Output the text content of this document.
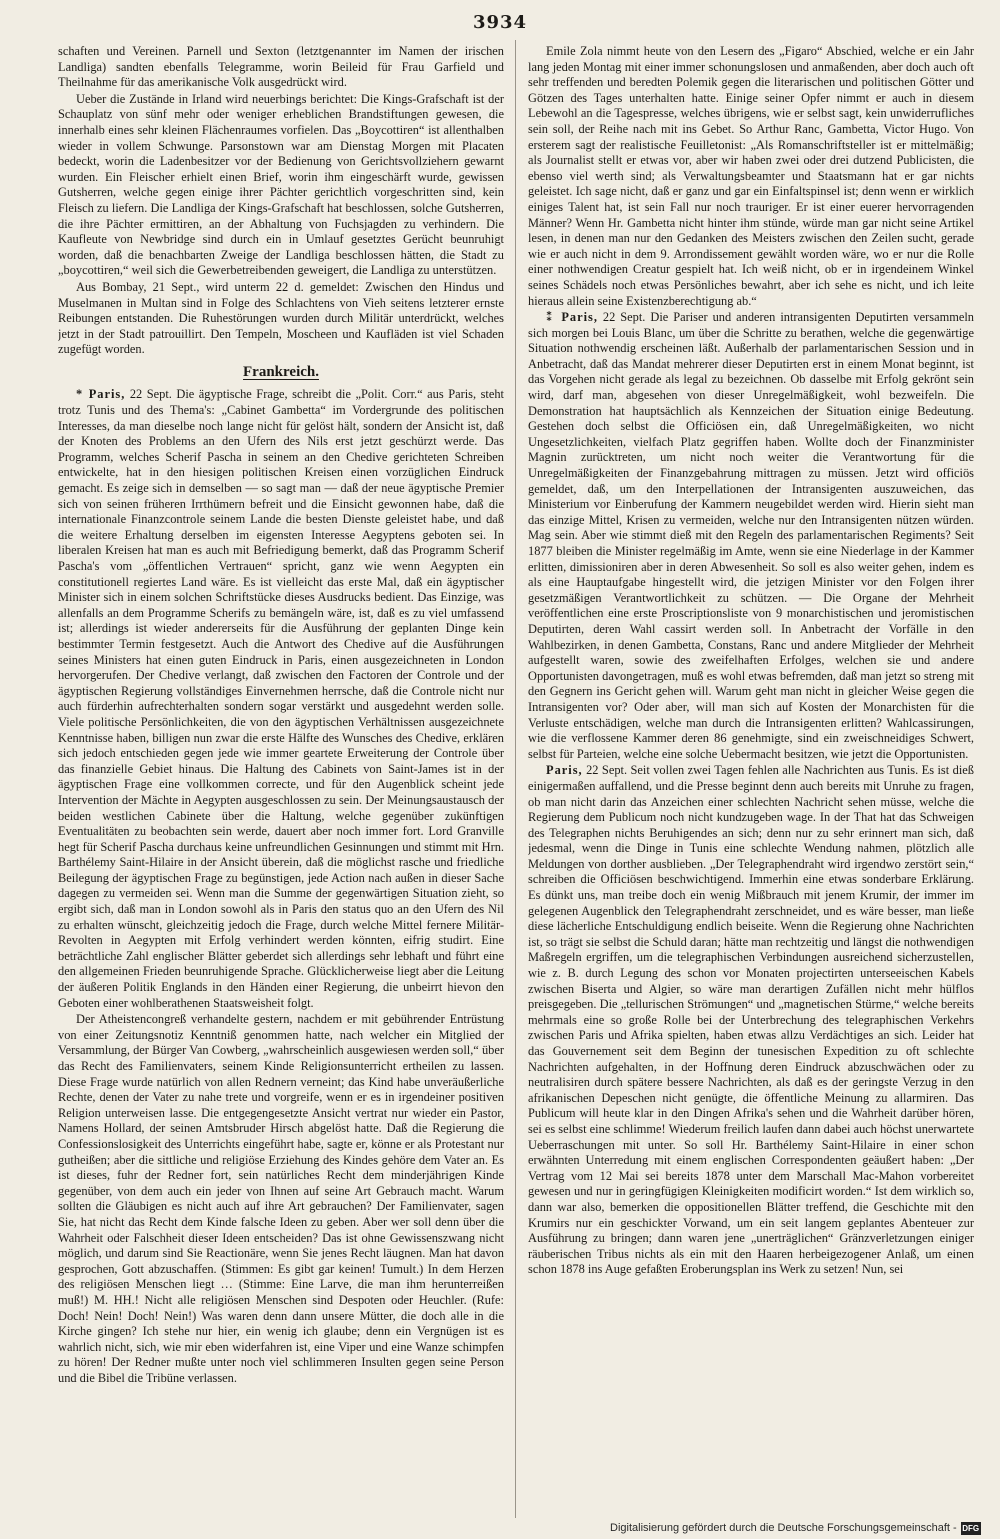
3934

schaften und Vereinen. Parnell und Sexton (letztgenannter im Namen der irischen Landliga) sandten ebenfalls Telegramme, worin Beileid für Frau Garfield und Theilnahme für das amerikanische Volk ausgedrückt wird.

Ueber die Zustände in Irland wird neuerbings berichtet: Die Kings-Grafschaft ist der Schauplatz von sünf mehr oder weniger erheblichen Brandstiftungen gewesen, die innerhalb eines sehr kleinen Flächenraumes vorfielen. Das „Boycottiren“ ist allenthalben wieder in vollem Schwunge. Parsonstown war am Dienstag Morgen mit Placaten bedeckt, worin die Ladenbesitzer vor der Bedienung von Gerichtsvollziehern gewarnt wurden. Ein Fleischer erhielt einen Brief, worin ihm eingeschärft wurde, gewissen Gutsherren, welche gegen einige ihrer Pächter gerichtlich vorgeschritten sind, kein Fleisch zu liefern. Die Landliga der Kings-Grafschaft hat beschlossen, solche Gutsherren, die ihre Pächter ermittiren, an der Abhaltung von Fuchsjagden zu verhindern. Die Kaufleute von Newbridge sind durch ein in Umlauf gesetztes Gerücht beunruhigt worden, daß die benachbarten Zweige der Landliga beschlossen hätten, die Stadt zu „boycottiren,“ weil sich die Gewerbetreibenden geweigert, die Landliga zu unterstützen.

Aus Bombay, 21 Sept., wird unterm 22 d. gemeldet: Zwischen den Hindus und Muselmanen in Multan sind in Folge des Schlachtens von Vieh seitens letzterer ernste Reibungen entstanden. Die Ruhestörungen wurden durch Militär unterdrückt, welches jetzt in der Stadt patrouillirt. Den Tempeln, Moscheen und Kaufläden ist viel Schaden zugefügt worden.

Frankreich.

* Paris, 22 Sept. Die ägyptische Frage, schreibt die „Polit. Corr.“ aus Paris, steht trotz Tunis und des Thema's: „Cabinet Gambetta“ im Vordergrunde des politischen Interesses, da man dieselbe noch lange nicht für gelöst hält, sondern der Ansicht ist, daß der Knoten des Problems an den Ufern des Nils erst jetzt geschürzt werde. Das Programm, welches Scherif Pascha in seinem an den Chedive gerichteten Schreiben entwickelte, hat in den hiesigen politischen Kreisen einen vorzüglichen Eindruck gemacht. Es zeige sich in demselben — so sagt man — daß der neue ägyptische Premier sich von seinen früheren Irrthümern befreit und die Einsicht gewonnen habe, daß die internationale Finanzcontrole seinem Lande die besten Dienste geleistet habe, und daß die weitere Erhaltung derselben im eigensten Interesse Aegyptens geboten sei. In liberalen Kreisen hat man es auch mit Befriedigung bemerkt, daß das Programm Scherif Pascha's vom „öffentlichen Vertrauen“ spricht, ganz wie wenn Aegypten ein constitutionell regiertes Land wäre. Es ist vielleicht das erste Mal, daß ein ägyptischer Minister sich in einem solchen Schriftstücke dieses Ausdrucks bedient. Das Einzige, was allenfalls an dem Programme Scherifs zu bemängeln wäre, ist, daß es zu viel umfassend ist; allerdings ist wieder andererseits für die Ausführung der geplanten Dinge kein bestimmter Termin festgesetzt. Auch die Antwort des Chedive auf die Ausführungen seines Ministers hat einen guten Eindruck in Paris, einen ausgezeichneten in London hervorgerufen. Der Chedive verlangt, daß zwischen den Factoren der Controle und der ägyptischen Regierung vollständiges Einvernehmen herrsche, daß die Controle nicht nur auch fürderhin aufrechterhalten sondern sogar verstärkt und ausgedehnt werden solle. Viele politische Persönlichkeiten, die von den ägyptischen Verhältnissen ausgezeichnete Kenntnisse haben, billigen nun zwar die erste Hälfte des Wunsches des Chedive, erklären sich jedoch entschieden gegen jede wie immer geartete Erweiterung der Controle über das finanzielle Gebiet hinaus. Die Haltung des Cabinets von Saint-James ist in der ägyptischen Frage eine vollkommen correcte, und für den Augenblick scheint jede Intervention der Mächte in Aegypten ausgeschlossen zu sein. Der Meinungsaustausch der beiden westlichen Cabinete über die Haltung, welche gegenüber zukünftigen Eventualitäten zu beobachten sein werde, dauert aber noch immer fort. Lord Granville hegt für Scherif Pascha durchaus keine unfreundlichen Gesinnungen und stimmt mit Hrn. Barthélemy Saint-Hilaire in der Ansicht überein, daß die möglichst rasche und friedliche Beilegung der ägyptischen Frage zu begünstigen, jede Action nach außen in dieser Sache dagegen zu vermeiden sei. Wenn man die Summe der gegenwärtigen Situation zieht, so ergibt sich, daß man in London sowohl als in Paris den status quo an den Ufern des Nil zu erhalten wünscht, gleichzeitig jedoch die Frage, durch welche Mittel fernere Militär-Revolten in Aegypten mit Erfolg verhindert werden könnten, eifrig studirt. Eine beträchtliche Zahl englischer Blätter geberdet sich allerdings sehr lebhaft und führt eine den allgemeinen Frieden beunruhigende Sprache. Glücklicherweise liegt aber die Leitung der äußeren Politik Englands in den Händen einer Regierung, die unbeirrt hievon den Geboten einer wohlberathenen Staatsweisheit folgt.

Der Atheistencongreß verhandelte gestern, nachdem er mit gebührender Entrüstung von einer Zeitungsnotiz Kenntniß genommen hatte, nach welcher ein Mitglied der Versammlung, der Bürger Van Cowberg, „wahrscheinlich ausgewiesen werden soll,“ über das Recht des Familienvaters, seinem Kinde Religionsunterricht ertheilen zu lassen. Diese Frage wurde natürlich von allen Rednern verneint; das Kind habe unveräußerliche Rechte, denen der Vater zu nahe trete und vorgreife, wenn er es in irgendeiner positiven Religion unterweisen lasse. Die entgegengesetzte Ansicht vertrat nur wieder ein Pastor, Namens Hollard, der seinen Amtsbruder Hirsch abgelöst hatte. Daß die Regierung die Confessionslosigkeit des Unterrichts eingeführt habe, sagte er, könne er als Protestant nur gutheißen; aber die sittliche und religiöse Erziehung des Kindes gehöre dem Vater an. Es ist dieses, fuhr der Redner fort, sein natürliches Recht dem minderjährigen Kinde gegenüber, von dem auch ein jeder von Ihnen auf seine Art Gebrauch macht. Warum sollten die Gläubigen es nicht auch auf ihre Art gebrauchen? Der Familienvater, sagen Sie, hat nicht das Recht dem Kinde falsche Ideen zu geben. Aber wer soll denn über die Wahrheit oder Falschheit dieser Ideen entscheiden? Das ist ohne Gewissenszwang nicht möglich, und darum sind Sie Reactionäre, wenn Sie jenes Recht läugnen. Man hat davon gesprochen, Gott abzuschaffen. (Stimmen: Es gibt gar keinen! Tumult.) In dem Herzen des religiösen Menschen liegt … (Stimme: Eine Larve, die man ihm herunterreißen muß!) M. HH.! Nicht alle religiösen Menschen sind Despoten oder Heuchler. (Rufe: Doch! Nein! Doch! Nein!) Was waren denn dann unsere Mütter, die doch alle in die Kirche gingen? Ich stehe nur hier, ein wenig ich glaube; denn ein Vergnügen ist es wahrlich nicht, sich, wie mir eben widerfahren ist, eine Viper und eine Wanze schimpfen zu hören! Der Redner mußte unter noch viel schlimmeren Insulten gegen seine Person und die Bibel die Tribüne verlassen.

Emile Zola nimmt heute von den Lesern des „Figaro“ Abschied, welche er ein Jahr lang jeden Montag mit einer immer schonungslosen und anmaßenden, aber doch auch oft sehr treffenden und beredten Polemik gegen die literarischen und politischen Götter und Götzen des Tages unterhalten hatte. Einige seiner Opfer nimmt er auch in diesem Lebewohl an die Tagespresse, welches übrigens, wie er selbst sagt, kein unwiderrufliches sein soll, der Reihe nach mit ins Gebet. So Arthur Ranc, Gambetta, Victor Hugo. Von ersterem sagt der realistische Feuilletonist: „Als Romanschriftsteller ist er mittelmäßig; als Journalist stellt er etwas vor, aber wir haben zwei oder drei dutzend Publicisten, die ebenso viel werth sind; als Verwaltungsbeamter und Staatsmann hat er gar nichts geleistet. Ich sage nicht, daß er ganz und gar ein Einfaltspinsel ist; denn wenn er wirklich einiges Talent hat, ist sein Fall nur noch trauriger. Er ist einer euerer hervorragenden Männer? Wenn Hr. Gambetta nicht hinter ihm stünde, würde man gar nicht seine Artikel lesen, in denen man nur den Gedanken des Meisters zwischen den Zeilen sucht, gerade wie er auch nicht in dem 9. Arrondissement gewählt worden wäre, wo er nur die Rolle einer nothwendigen Creatur gespielt hat. Ich weiß nicht, ob er in irgendeinem Winkel seines Schädels noch etwas Persönliches bewahrt, aber ich sehe es nicht, und ich leite hieraus allein seine Existenzberechtigung ab.“

⁑ Paris, 22 Sept. Die Pariser und anderen intransigenten Deputirten versammeln sich morgen bei Louis Blanc, um über die Schritte zu berathen, welche die gegenwärtige Situation nothwendig erscheinen läßt. Außerhalb der parlamentarischen Session und in Anbetracht, daß das Mandat mehrerer dieser Deputirten erst in einem Monat beginnt, ist das Vorgehen nicht gerade als legal zu bezeichnen. Ob dasselbe mit Erfolg gekrönt sein wird, darf man, abgesehen von dieser Unregelmäßigkeit, wohl bezweifeln. Die Demonstration hat hauptsächlich als Kennzeichen der Situation einige Bedeutung. Gestehen doch selbst die Officiösen ein, daß Unregelmäßigkeiten, wo nicht Ungesetzlichkeiten, vielfach Platz gegriffen haben. Wollte doch der Finanzminister Magnin zurücktreten, um nicht noch weiter die Verantwortung für die Unregelmäßigkeiten der Finanzgebahrung mittragen zu müssen. Jetzt wird officiös gemeldet, daß, um den Interpellationen der Intransigenten auszuweichen, das Ministerium vor Einberufung der Kammern neugebildet werden wird. Hierin sieht man das einzige Mittel, Krisen zu vermeiden, welche nur den Intransigenten nützen würden. Mag sein. Aber wie stimmt dieß mit den Regeln des parlamentarischen Regiments? Seit 1877 bleiben die Minister regelmäßig im Amte, wenn sie eine Niederlage in der Kammer erlitten, dimissioniren aber in deren Abwesenheit. So soll es also weiter gehen, indem es als eine Hauptaufgabe hingestellt wird, die jetzigen Minister vor den Folgen ihrer gesetzmäßigen Verantwortlichkeit zu schützen. — Die Organe der Mehrheit veröffentlichen eine erste Proscriptionsliste von 9 monarchistischen und jeromistischen Deputirten, deren Wahl cassirt werden soll. In Anbetracht der Vorfälle in den Wahlbezirken, in denen Gambetta, Constans, Ranc und andere Mitglieder der Mehrheit aufgestellt waren, sowie des zweifelhaften Erfolges, welchen sie und andere Opportunisten davongetragen, muß es wohl etwas befremden, daß man jetzt so streng mit den Gegnern ins Gericht gehen will. Warum geht man nicht in gleicher Weise gegen die Intransigenten vor? Oder aber, will man sich auf Kosten der Monarchisten für die Verluste entschädigen, welche man durch die Intransigenten erlitten? Wahlcassirungen, wie die verflossene Kammer deren 86 genehmigte, sind ein zweischneidiges Schwert, selbst für Parteien, welche eine solche Uebermacht besitzen, wie jetzt die Opportunisten.

Paris, 22 Sept. Seit vollen zwei Tagen fehlen alle Nachrichten aus Tunis. Es ist dieß einigermaßen auffallend, und die Presse beginnt denn auch bereits mit Unruhe zu fragen, ob man nicht darin das Anzeichen einer schlechten Nachricht sehen müsse, welche die Regierung dem Publicum noch nicht kundzugeben wage. In der That hat das Schweigen des Telegraphen nichts Beruhigendes an sich; denn nur zu sehr erinnert man sich, daß jedesmal, wenn die Dinge in Tunis eine schlechte Wendung nahmen, plötzlich alle Meldungen von dorther ausblieben. „Der Telegraphendraht wird irgendwo zerstört sein,“ schreiben die Officiösen beschwichtigend. Immerhin eine etwas sonderbare Erklärung. Es dünkt uns, man treibe doch ein wenig Mißbrauch mit jenem Krumir, der immer im gelegenen Augenblick den Telegraphendraht zerschneidet, und es wäre besser, man ließe diese lächerliche Entschuldigung endlich beiseite. Wenn die Regierung ohne Nachrichten ist, so trägt sie selbst die Schuld daran; hätte man rechtzeitig und längst die nothwendigen Maßregeln ergriffen, um die telegraphischen Verbindungen ausreichend sicherzustellen, wie z. B. durch Legung des schon vor Monaten projectirten unterseeischen Kabels zwischen Biserta und Algier, so wäre man derartigen Zufällen nicht mehr hülflos preisgegeben. Die „tellurischen Strömungen“ und „magnetischen Stürme,“ welche bereits mehrmals eine so große Rolle bei der Unterbrechung des telegraphischen Verkehrs zwischen Paris und Afrika spielten, haben etwas allzu Verdächtiges an sich. Leider hat das Gouvernement seit dem Beginn der tunesischen Expedition zu oft schlechte Nachrichten aufgehalten, in der Hoffnung deren Eindruck abzuschwächen oder zu neutralisiren durch spätere bessere Nachrichten, als daß es der geringste Verzug in den afrikanischen Depeschen nicht genügte, die öffentliche Meinung zu allarmiren. Das Publicum will heute klar in den Dingen Afrika's sehen und die Wahrheit darüber hören, sei es selbst eine schlimme! Wiederum freilich laufen dann dabei auch höchst unerwartete Ueberraschungen mit unter. So soll Hr. Barthélemy Saint-Hilaire in einer schon erwähnten Unterredung mit einem englischen Correspondenten geäußert haben: „Der Vertrag vom 12 Mai sei bereits 1878 unter dem Marschall Mac-Mahon vorbereitet gewesen und nur in geringfügigen Kleinigkeiten modificirt worden.“ Ist dem wirklich so, dann war also, bemerken die oppositionellen Blätter treffend, die Geschichte mit den Krumirs nur ein geschickter Vorwand, um ein seit langem geplantes Abenteuer zur Ausführung zu bringen; dann waren jene „unerträglichen“ Gränzverletzungen einiger räuberischen Tribus nichts als ein mit den Haaren herbeigezogener Anlaß, um einen schon 1878 ins Auge gefaßten Eroberungsplan ins Werk zu setzen! Nun, sei

Digitalisierung gefördert durch die Deutsche Forschungsgemeinschaft - DFG
